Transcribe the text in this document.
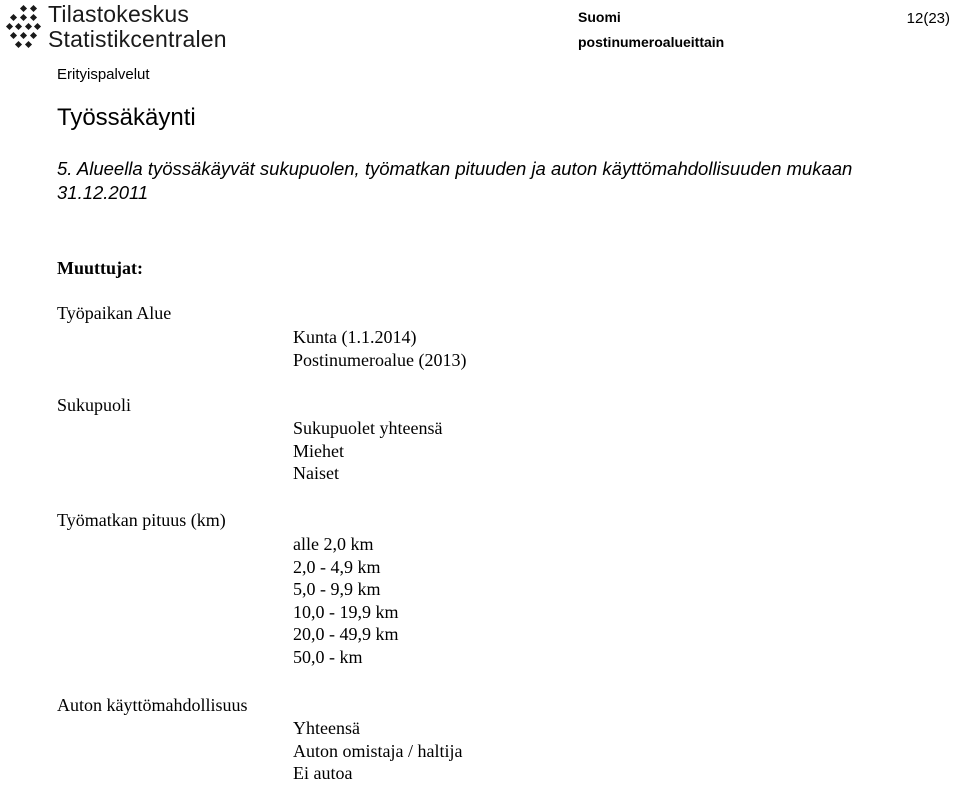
Tilastokeskus
Statistikcentralen
Suomi
postinumeroalueittain
12(23)
Erityispalvelut
Työssäkäynti
5. Alueella työssäkäyvät sukupuolen, työmatkan pituuden ja auton käyttömahdollisuuden mukaan 31.12.2011
Muuttujat:
Työpaikan Alue
Kunta (1.1.2014)
Postinumeroalue (2013)
Sukupuoli
Sukupuolet yhteensä
Miehet
Naiset
Työmatkan pituus (km)
alle 2,0 km
2,0 - 4,9 km
5,0 - 9,9 km
10,0 - 19,9 km
20,0 - 49,9 km
50,0 - km
Auton käyttömahdollisuus
Yhteensä
Auton omistaja / haltija
Ei autoa
